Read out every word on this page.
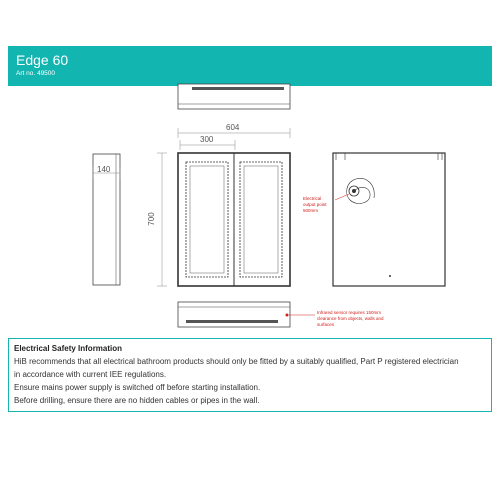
Edge 60
Art no. 49500
140
604
300
700
Electrical
output point
500mm
Infrared sensor requires 150mm
clearance from objects, walls and
surfaces
Electrical Safety Information
HiB recommends that all electrical bathroom products should only be fitted by a suitably qualified, Part P registered electrician
in accordance with current IEE regulations.
Ensure mains power supply is switched off before starting installation.
Before drilling, ensure there are no hidden cables or pipes in the wall.
